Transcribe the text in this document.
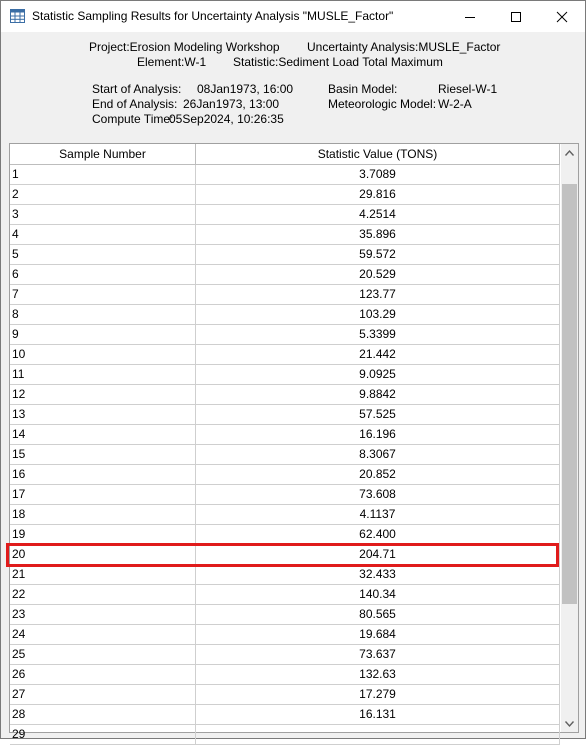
Statistic Sampling Results for Uncertainty Analysis "MUSLE_Factor"
Project:Erosion Modeling Workshop Uncertainty Analysis:MUSLE_Factor
Element:W-1 Statistic:Sediment Load Total Maximum
Start of Analysis: 08Jan1973, 16:00
End of Analysis: 26Jan1973, 13:00
Compute Time:
05Sep2024, 10:26:35
Basin Model:	Riesel-W-1
Meteorologic Model: W-2-A
Sample Number	Statistic Value (TONS)
1	3.7089
2	29.816
3	4.2514
4	35.896
5	59.572
6	20.529
7	123.77
8	103.29
9	5.3399
10	21.442
11	9.0925
12	9.8842
13	57.525
14	16.196
15	8.3067
16	20.852
17	73.608
18	4.1137
19	62.400
20	204.71
21	32.433
22	140.34
23	80.565
24	19.684
25	73.637
26	132.63
27	17.279
28	16.131
29
